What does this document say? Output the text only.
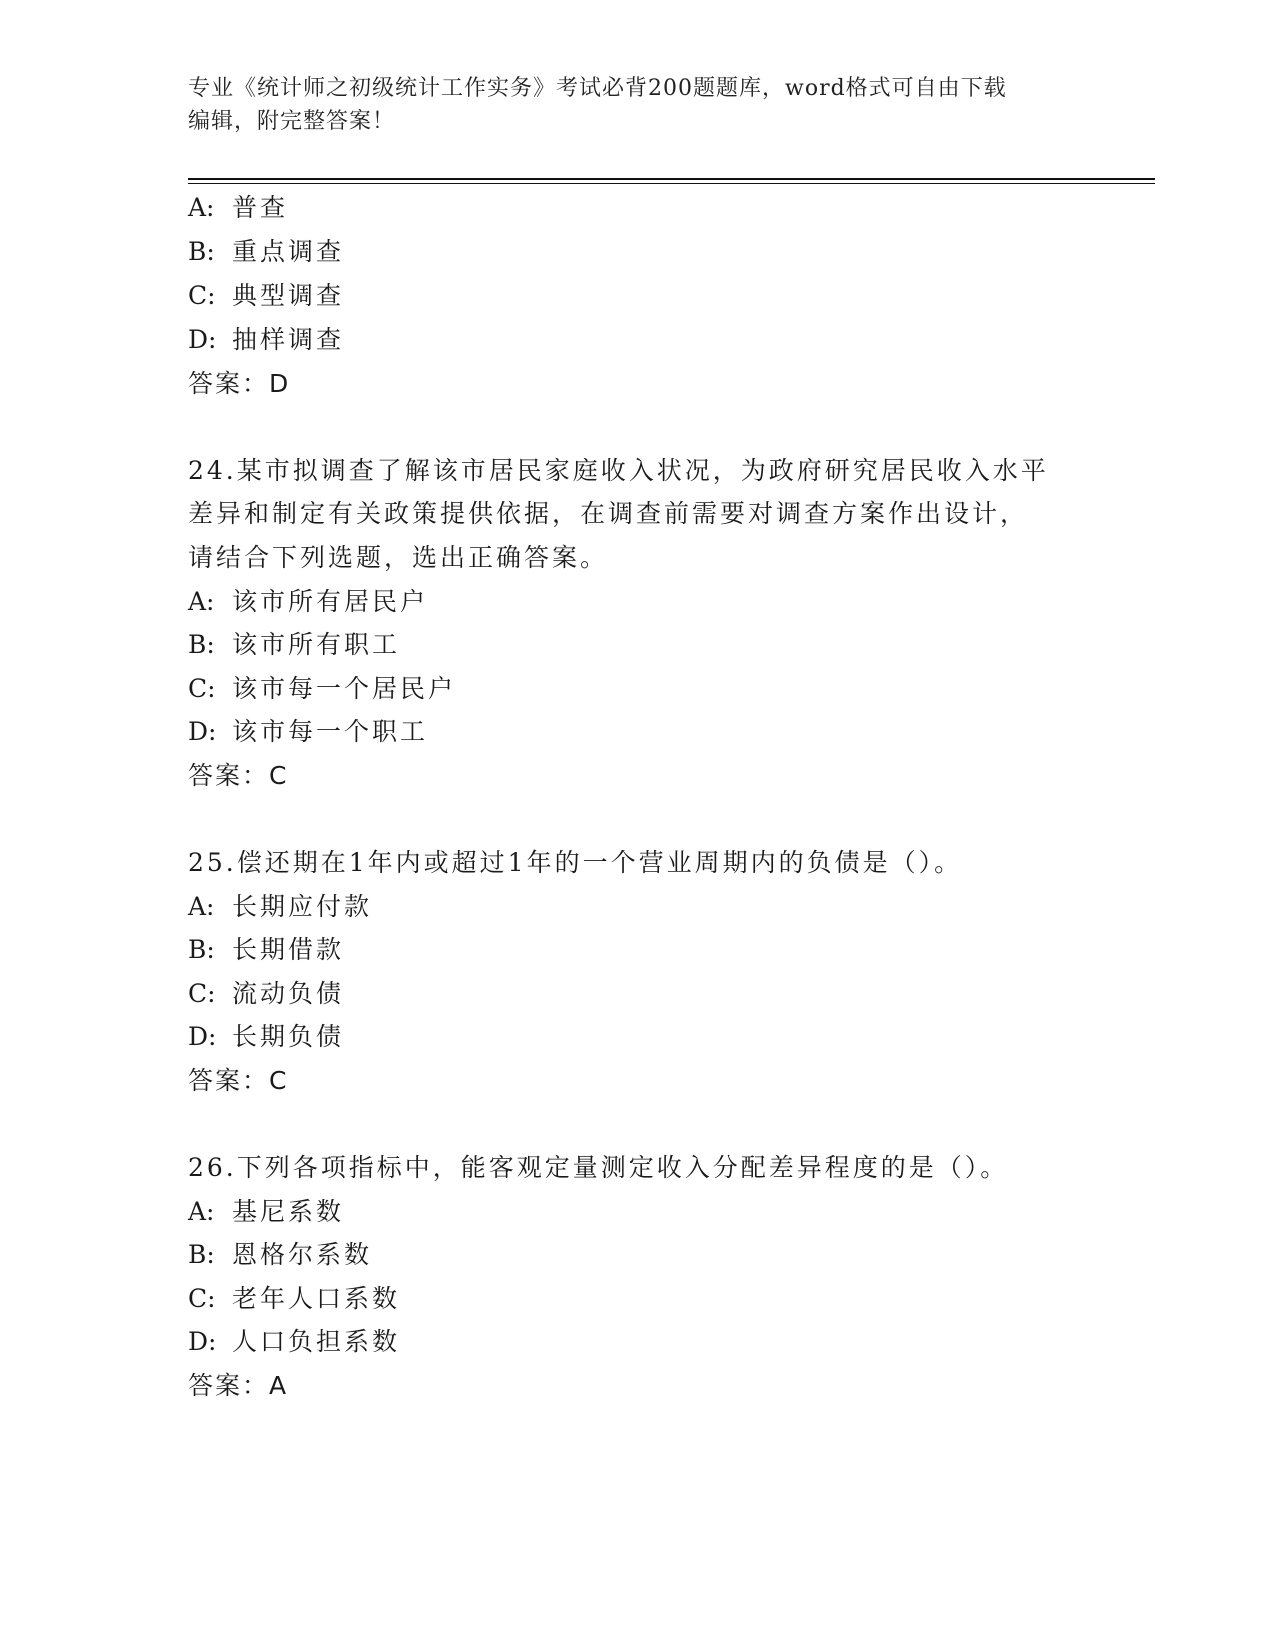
专业《统计师之初级统计工作实务》考试必背200题题库，word格式可自由下载
编辑，附完整答案！
A: 普查
B: 重点调查
C: 典型调查
D: 抽样调查
答案：D
24.某市拟调查了解该市居民家庭收入状况，为政府研究居民收入水平
差异和制定有关政策提供依据，在调查前需要对调查方案作出设计，
请结合下列选题，选出正确答案。
A: 该市所有居民户
B: 该市所有职工
C: 该市每一个居民户
D: 该市每一个职工
答案：C
25.偿还期在1年内或超过1年的一个营业周期内的负债是（）。
A: 长期应付款
B: 长期借款
C: 流动负债
D: 长期负债
答案：C
26.下列各项指标中，能客观定量测定收入分配差异程度的是（）。
A: 基尼系数
B: 恩格尔系数
C: 老年人口系数
D: 人口负担系数
答案：A
